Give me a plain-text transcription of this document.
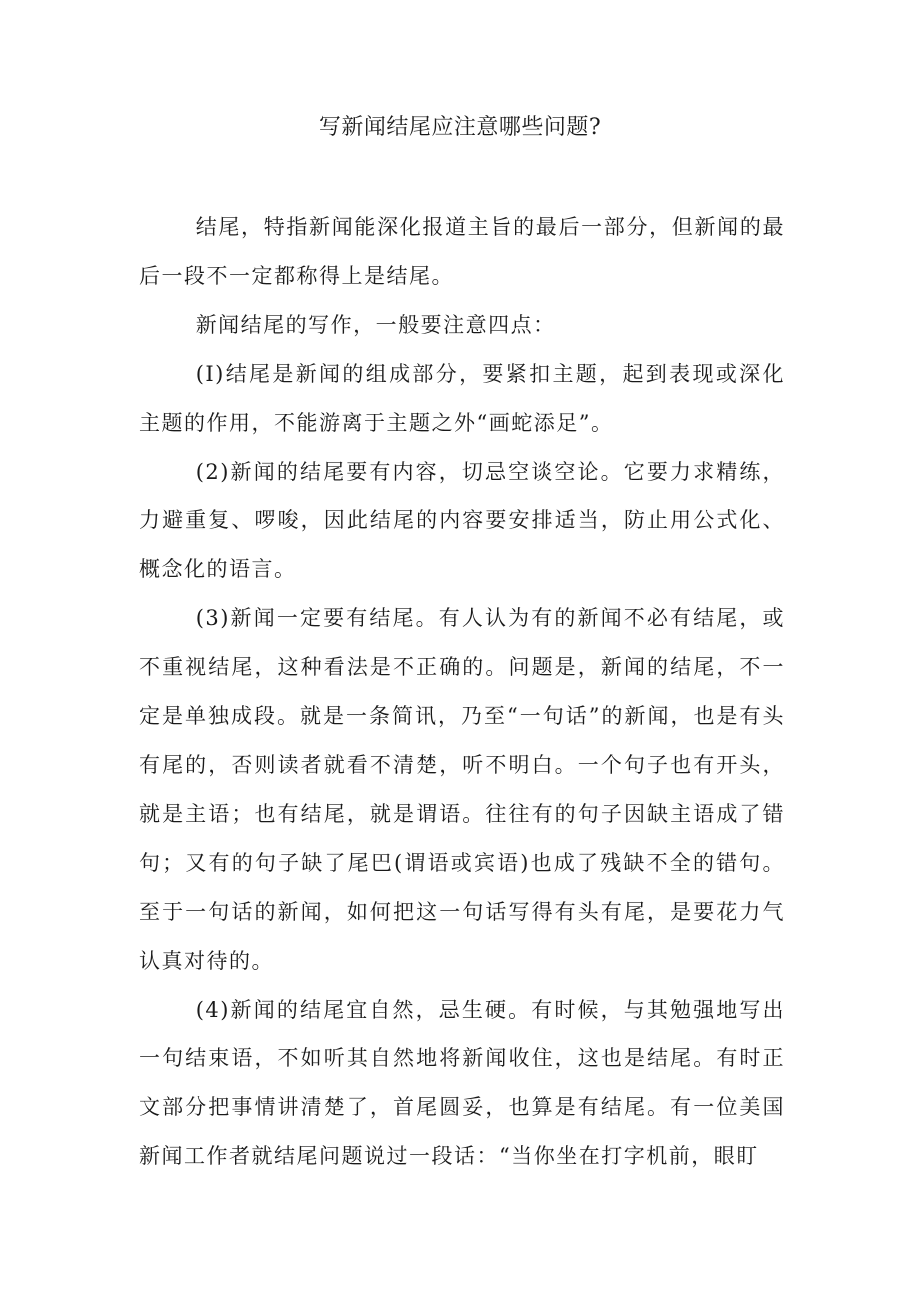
写新闻结尾应注意哪些问题?

结尾，特指新闻能深化报道主旨的最后一部分，但新闻的最后一段不一定都称得上是结尾。

新闻结尾的写作，一般要注意四点：

(I)结尾是新闻的组成部分，要紧扣主题，起到表现或深化主题的作用，不能游离于主题之外“画蛇添足”。

(2)新闻的结尾要有内容，切忌空谈空论。它要力求精练，力避重复、啰唆，因此结尾的内容要安排适当，防止用公式化、概念化的语言。

(3)新闻一定要有结尾。有人认为有的新闻不必有结尾，或不重视结尾，这种看法是不正确的。问题是，新闻的结尾，不一定是单独成段。就是一条简讯，乃至“一句话”的新闻，也是有头有尾的，否则读者就看不清楚，听不明白。一个句子也有开头，就是主语；也有结尾，就是谓语。往往有的句子因缺主语成了错句；又有的句子缺了尾巴(谓语或宾语)也成了残缺不全的错句。至于一句话的新闻，如何把这一句话写得有头有尾，是要花力气认真对待的。

(4)新闻的结尾宜自然，忌生硬。有时候，与其勉强地写出一句结束语，不如听其自然地将新闻收住，这也是结尾。有时正文部分把事情讲清楚了，首尾圆妥，也算是有结尾。有一位美国新闻工作者就结尾问题说过一段话：“当你坐在打字机前，眼盯
